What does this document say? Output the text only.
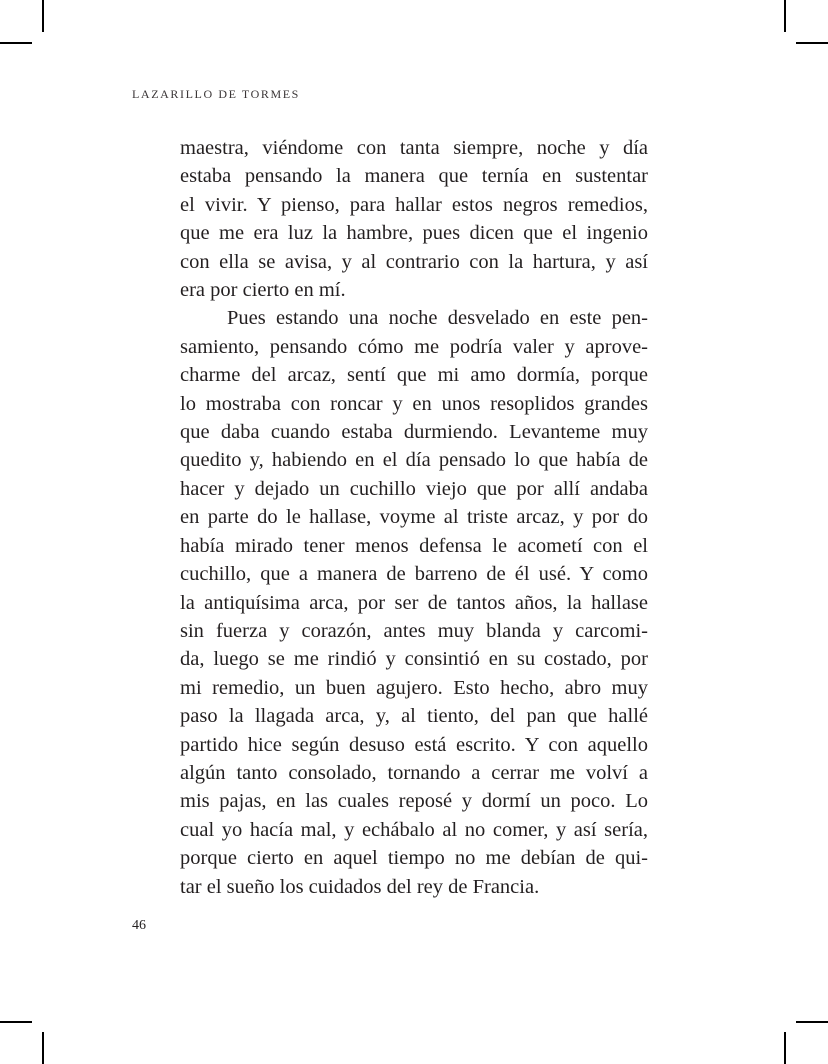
LAZARILLO DE TORMES
maestra, viéndome con tanta siempre, noche y día
estaba pensando la manera que ternía en sustentar
el vivir. Y pienso, para hallar estos negros remedios,
que me era luz la hambre, pues dicen que el ingenio
con ella se avisa, y al contrario con la hartura, y así
era por cierto en mí.
Pues estando una noche desvelado en este pen-
samiento, pensando cómo me podría valer y aprove-
charme del arcaz, sentí que mi amo dormía, porque
lo mostraba con roncar y en unos resoplidos grandes
que daba cuando estaba durmiendo. Levanteme muy
quedito y, habiendo en el día pensado lo que había de
hacer y dejado un cuchillo viejo que por allí andaba
en parte do le hallase, voyme al triste arcaz, y por do
había mirado tener menos defensa le acometí con el
cuchillo, que a manera de barreno de él usé. Y como
la antiquísima arca, por ser de tantos años, la hallase
sin fuerza y corazón, antes muy blanda y carcomi-
da, luego se me rindió y consintió en su costado, por
mi remedio, un buen agujero. Esto hecho, abro muy
paso la llagada arca, y, al tiento, del pan que hallé
partido hice según desuso está escrito. Y con aquello
algún tanto consolado, tornando a cerrar me volví a
mis pajas, en las cuales reposé y dormí un poco. Lo
cual yo hacía mal, y echábalo al no comer, y así sería,
porque cierto en aquel tiempo no me debían de qui-
tar el sueño los cuidados del rey de Francia.
46
